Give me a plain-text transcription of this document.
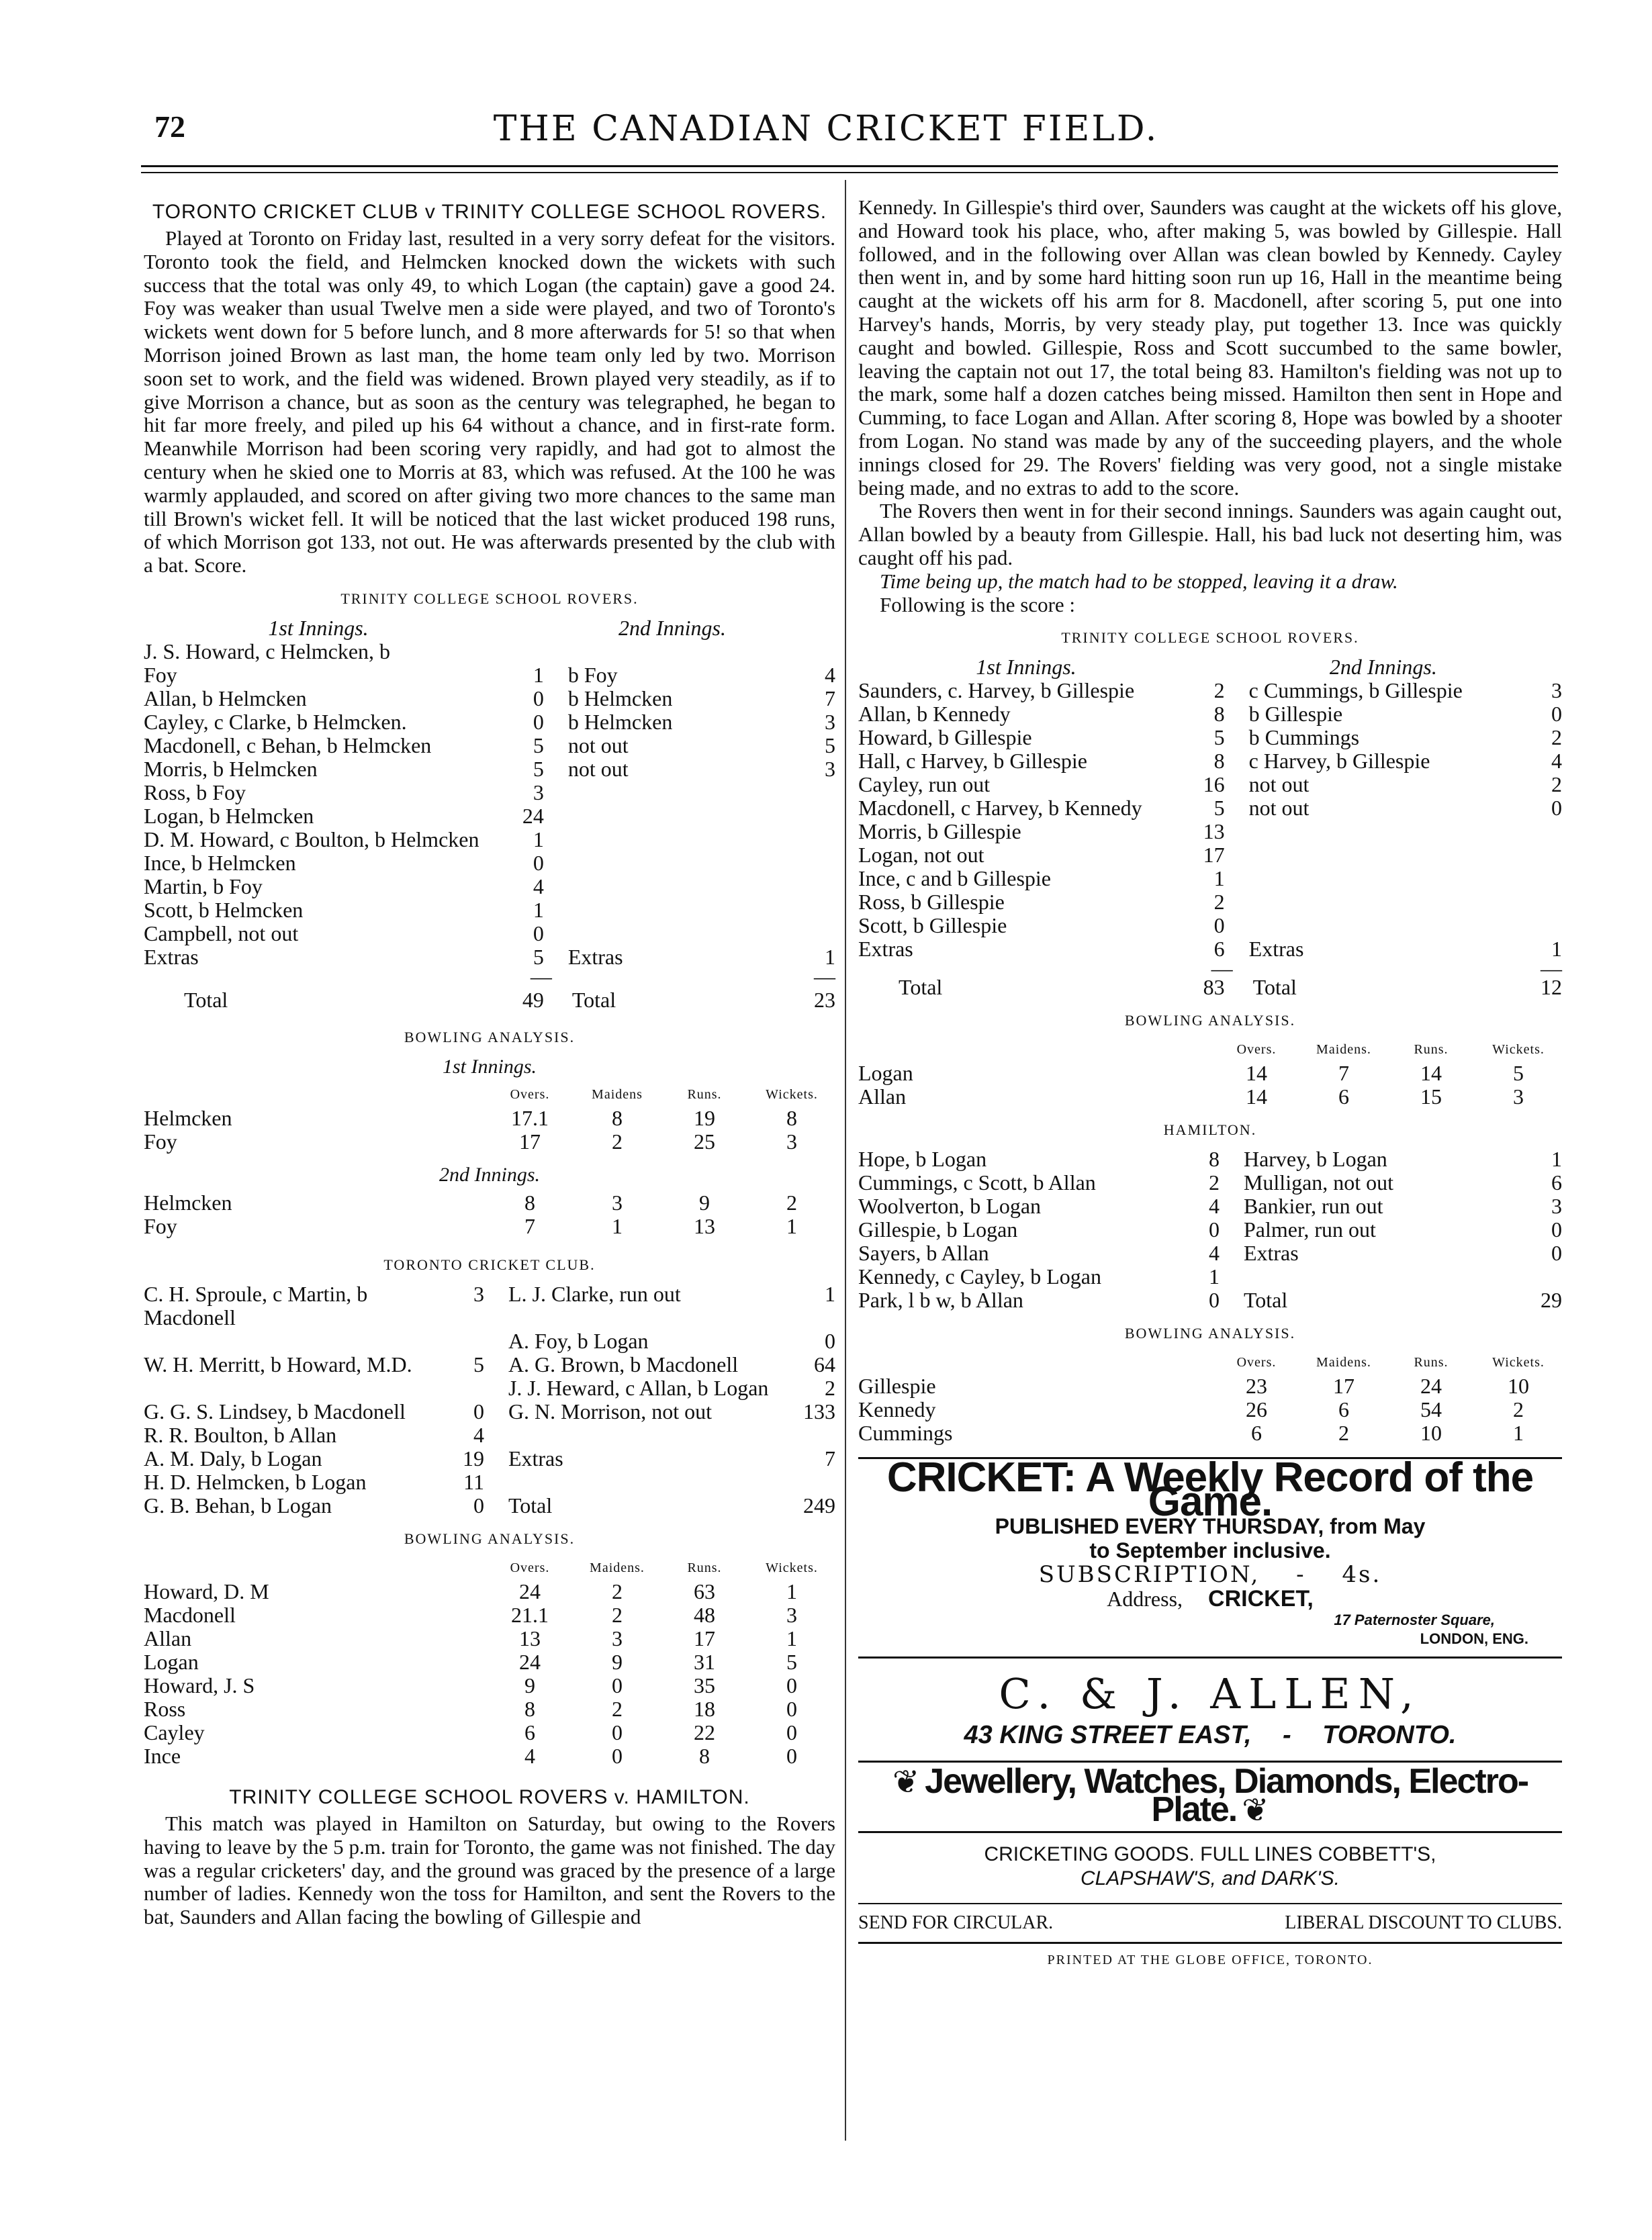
72	THE CANADIAN CRICKET FIELD.
TORONTO CRICKET CLUB v TRINITY COLLEGE SCHOOL ROVERS.

Played at Toronto on Friday last, resulted in a very sorry defeat for the visitors. Toronto took the field, and Helmcken knocked down the wickets with such success that the total was only 49, to which Logan (the captain) gave a good 24. Foy was weaker than usual Twelve men a side were played, and two of Toronto's wickets went down for 5 before lunch, and 8 more afterwards for 5! so that when Morrison joined Brown as last man, the home team only led by two. Morrison soon set to work, and the field was widened. Brown played very steadily, as if to give Morrison a chance, but as soon as the century was telegraphed, he began to hit far more freely, and piled up his 64 without a chance, and in first-rate form. Meanwhile Morrison had been scoring very rapidly, and had got to almost the century when he skied one to Morris at 83, which was refused. At the 100 he was warmly applauded, and scored on after giving two more chances to the same man till Brown's wicket fell. It will be noticed that the last wicket produced 198 runs, of which Morrison got 133, not out. He was afterwards presented by the club with a bat. Score.

TRINITY COLLEGE SCHOOL ROVERS.
1st Innings.		2nd Innings.	
J. S. Howard, c Helmcken, b			
Foy	1	b Foy	4
Allan, b Helmcken	0	b Helmcken	7
Cayley, c Clarke, b Helmcken.	0	b Helmcken	3
Macdonell, c Behan, b Helmcken	5	not out	5
Morris, b Helmcken	5	not out	3
Ross, b Foy	3		
Logan, b Helmcken	24		
D. M. Howard, c Boulton, b Helmcken	1		
Ince, b Helmcken	0		
Martin, b Foy	4		
Scott, b Helmcken	1		
Campbell, not out	0		
Extras	5	Extras	1
	—		—
Total	49	Total	23
BOWLING ANALYSIS.
1st Innings.
	Overs.	Maidens	Runs.	Wickets.
Helmcken	17.1	8	19	8
Foy	17	2	25	3
2nd Innings.
Helmcken	8	3	9	2
Foy	7	1	13	1
TORONTO CRICKET CLUB.
C. H. Sproule, c Martin, b Macdonell	3	L. J. Clarke, run out	1
		A. Foy, b Logan	0
W. H. Merritt, b Howard, M.D.	5	A. G. Brown, b Macdonell	64
		J. J. Heward, c Allan, b Logan	2
G. G. S. Lindsey, b Macdonell	0	G. N. Morrison, not out	133
R. R. Boulton, b Allan	4		
A. M. Daly, b Logan	19	Extras	7
H. D. Helmcken, b Logan	11		
G. B. Behan, b Logan	0	Total	249
BOWLING ANALYSIS.
	Overs.	Maidens.	Runs.	Wickets.
Howard, D. M	24	2	63	1
Macdonell	21.1	2	48	3
Allan	13	3	17	1
Logan	24	9	31	5
Howard, J. S	9	0	35	0
Ross	8	2	18	0
Cayley	6	0	22	0
Ince	4	0	8	0
TRINITY COLLEGE SCHOOL ROVERS v. HAMILTON.

This match was played in Hamilton on Saturday, but owing to the Rovers having to leave by the 5 p.m. train for Toronto, the game was not finished. The day was a regular cricketers' day, and the ground was graced by the presence of a large number of ladies. Kennedy won the toss for Hamilton, and sent the Rovers to the bat, Saunders and Allan facing the bowling of Gillespie and

Kennedy. In Gillespie's third over, Saunders was caught at the wickets off his glove, and Howard took his place, who, after making 5, was bowled by Gillespie. Hall followed, and in the following over Allan was clean bowled by Kennedy. Cayley then went in, and by some hard hitting soon run up 16, Hall in the meantime being caught at the wickets off his arm for 8. Macdonell, after scoring 5, put one into Harvey's hands, Morris, by very steady play, put together 13. Ince was quickly caught and bowled. Gillespie, Ross and Scott succumbed to the same bowler, leaving the captain not out 17, the total being 83. Hamilton's fielding was not up to the mark, some half a dozen catches being missed. Hamilton then sent in Hope and Cumming, to face Logan and Allan. After scoring 8, Hope was bowled by a shooter from Logan. No stand was made by any of the succeeding players, and the whole innings closed for 29. The Rovers' fielding was very good, not a single mistake being made, and no extras to add to the score.

The Rovers then went in for their second innings. Saunders was again caught out, Allan bowled by a beauty from Gillespie. Hall, his bad luck not deserting him, was caught off his pad.

Time being up, the match had to be stopped, leaving it a draw.

Following is the score :

TRINITY COLLEGE SCHOOL ROVERS.
1st Innings.		2nd Innings.	
Saunders, c. Harvey, b Gillespie	2	c Cummings, b Gillespie	3
Allan, b Kennedy	8	b Gillespie	0
Howard, b Gillespie	5	b Cummings	2
Hall, c Harvey, b Gillespie	8	c Harvey, b Gillespie	4
Cayley, run out	16	not out	2
Macdonell, c Harvey, b Kennedy	5	not out	0
Morris, b Gillespie	13		
Logan, not out	17		
Ince, c and b Gillespie	1		
Ross, b Gillespie	2		
Scott, b Gillespie	0		
Extras	6	Extras	1
	—		—
Total	83	Total	12
BOWLING ANALYSIS.
	Overs.	Maidens.	Runs.	Wickets.
Logan	14	7	14	5
Allan	14	6	15	3
HAMILTON.
Hope, b Logan	8	Harvey, b Logan	1
Cummings, c Scott, b Allan	2	Mulligan, not out	6
Woolverton, b Logan	4	Bankier, run out	3
Gillespie, b Logan	0	Palmer, run out	0
Sayers, b Allan	4	Extras	0
Kennedy, c Cayley, b Logan	1		
Park, l b w, b Allan	0	Total	29
BOWLING ANALYSIS.
	Overs.	Maidens.	Runs.	Wickets.
Gillespie	23	17	24	10
Kennedy	26	6	54	2
Cummings	6	2	10	1
CRICKET: A Weekly Record of the Game.
PUBLISHED EVERY THURSDAY, from May
to September inclusive.
SUBSCRIPTION, - 4s.
Address, CRICKET,
17 Paternoster Square,
LONDON, ENG.
C. & J. ALLEN,
43 KING STREET EAST, - TORONTO.
❦ Jewellery, Watches, Diamonds, Electro-Plate. ❦
CRICKETING GOODS. FULL LINES COBBETT'S,
CLAPSHAW'S, and DARK'S.
SEND FOR CIRCULAR.	LIBERAL DISCOUNT TO CLUBS.
PRINTED AT THE GLOBE OFFICE, TORONTO.
